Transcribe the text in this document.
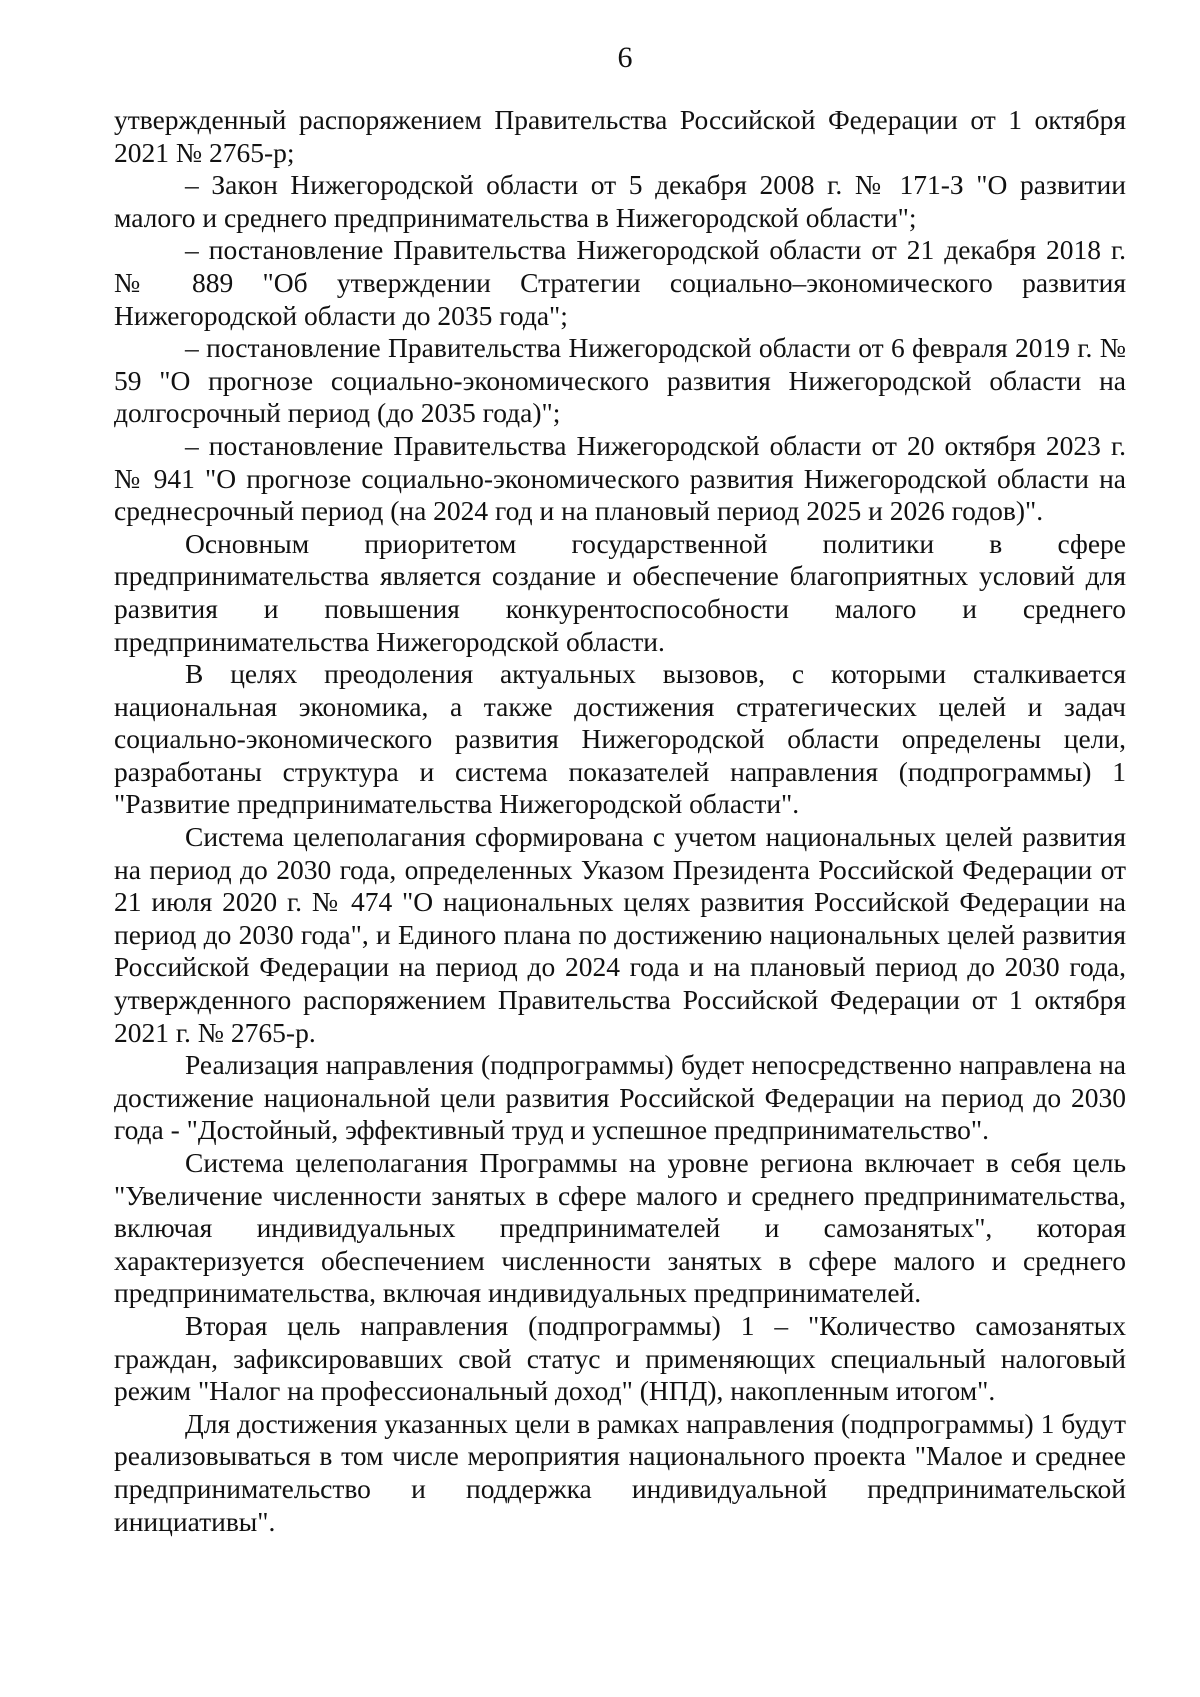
6

утвержденный распоряжением Правительства Российской Федерации от 1 октября 2021 № 2765-р;

– Закон Нижегородской области от 5 декабря 2008 г. № 171-З "О развитии малого и среднего предпринимательства в Нижегородской области";

– постановление Правительства Нижегородской области от 21 декабря 2018 г. № 889 "Об утверждении Стратегии социально–экономического развития Нижегородской области до 2035 года";

– постановление Правительства Нижегородской области от 6 февраля 2019 г. № 59 "О прогнозе социально-экономического развития Нижегородской области на долгосрочный период (до 2035 года)";

– постановление Правительства Нижегородской области от 20 октября 2023 г. № 941 "О прогнозе социально-экономического развития Нижегородской области на среднесрочный период (на 2024 год и на плановый период 2025 и 2026 годов)".

Основным приоритетом государственной политики в сфере предпринимательства является создание и обеспечение благоприятных условий для развития и повышения конкурентоспособности малого и среднего предпринимательства Нижегородской области.

В целях преодоления актуальных вызовов, с которыми сталкивается национальная экономика, а также достижения стратегических целей и задач социально-экономического развития Нижегородской области определены цели, разработаны структура и система показателей направления (подпрограммы) 1 "Развитие предпринимательства Нижегородской области".

Система целеполагания сформирована с учетом национальных целей развития на период до 2030 года, определенных Указом Президента Российской Федерации от 21 июля 2020 г. № 474 "О национальных целях развития Российской Федерации на период до 2030 года", и Единого плана по достижению национальных целей развития Российской Федерации на период до 2024 года и на плановый период до 2030 года, утвержденного распоряжением Правительства Российской Федерации от 1 октября 2021 г. № 2765-р.

Реализация направления (подпрограммы) будет непосредственно направлена на достижение национальной цели развития Российской Федерации на период до 2030 года - "Достойный, эффективный труд и успешное предпринимательство".

Система целеполагания Программы на уровне региона включает в себя цель "Увеличение численности занятых в сфере малого и среднего предпринимательства, включая индивидуальных предпринимателей и самозанятых", которая характеризуется обеспечением численности занятых в сфере малого и среднего предпринимательства, включая индивидуальных предпринимателей.

Вторая цель направления (подпрограммы) 1 – "Количество самозанятых граждан, зафиксировавших свой статус и применяющих специальный налоговый режим "Налог на профессиональный доход" (НПД), накопленным итогом".

Для достижения указанных цели в рамках направления (подпрограммы) 1 будут реализовываться в том числе мероприятия национального проекта "Малое и среднее предпринимательство и поддержка индивидуальной предпринимательской инициативы".
